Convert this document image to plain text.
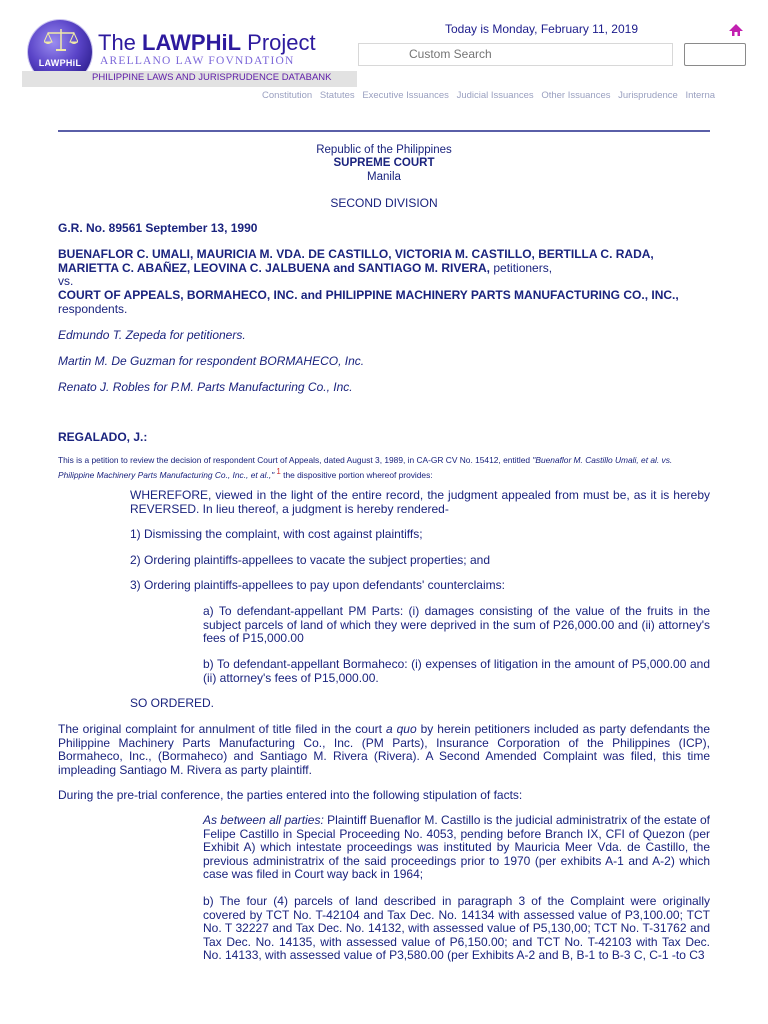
LAWPHiL
The LAWPHiL Project
ARELLANO LAW FOVNDATION
PHILIPPINE LAWS AND JURISPRUDENCE DATABANK
Today is Monday, February 11, 2019
Custom Search
Constitution Statutes Executive Issuances Judicial Issuances Other Issuances Jurisprudence Interna
Republic of the Philippines
SUPREME COURT
Manila
SECOND DIVISION
G.R. No. 89561 September 13, 1990
BUENAFLOR C. UMALI, MAURICIA M. VDA. DE CASTILLO, VICTORIA M. CASTILLO, BERTILLA C. RADA, MARIETTA C. ABAÑEZ, LEOVINA C. JALBUENA and SANTIAGO M. RIVERA, petitioners,
vs.
COURT OF APPEALS, BORMAHECO, INC. and PHILIPPINE MACHINERY PARTS MANUFACTURING CO., INC., respondents.
Edmundo T. Zepeda for petitioners.
Martin M. De Guzman for respondent BORMAHECO, Inc.
Renato J. Robles for P.M. Parts Manufacturing Co., Inc.
REGALADO, J.:
This is a petition to review the decision of respondent Court of Appeals, dated August 3, 1989, in CA-GR CV No. 15412, entitled "Buenaflor M. Castillo Umali, et al. vs. Philippine Machinery Parts Manufacturing Co., Inc., et al.," $^1$ the dispositive portion whereof provides:
WHEREFORE, viewed in the light of the entire record, the judgment appealed from must be, as it is hereby REVERSED. In lieu thereof, a judgment is hereby rendered-
1) Dismissing the complaint, with cost against plaintiffs;
2) Ordering plaintiffs-appellees to vacate the subject properties; and
3) Ordering plaintiffs-appellees to pay upon defendants' counterclaims:
a) To defendant-appellant PM Parts: (i) damages consisting of the value of the fruits in the subject parcels of land of which they were deprived in the sum of P26,000.00 and (ii) attorney's fees of P15,000.00
b) To defendant-appellant Bormaheco: (i) expenses of litigation in the amount of P5,000.00 and (ii) attorney's fees of P15,000.00.
SO ORDERED.
The original complaint for annulment of title filed in the court a quo by herein petitioners included as party defendants the Philippine Machinery Parts Manufacturing Co., Inc. (PM Parts), Insurance Corporation of the Philippines (ICP), Bormaheco, Inc., (Bormaheco) and Santiago M. Rivera (Rivera). A Second Amended Complaint was filed, this time impleading Santiago M. Rivera as party plaintiff.
During the pre-trial conference, the parties entered into the following stipulation of facts:
As between all parties: Plaintiff Buenaflor M. Castillo is the judicial administratrix of the estate of Felipe Castillo in Special Proceeding No. 4053, pending before Branch IX, CFI of Quezon (per Exhibit A) which intestate proceedings was instituted by Mauricia Meer Vda. de Castillo, the previous administratrix of the said proceedings prior to 1970 (per exhibits A-1 and A-2) which case was filed in Court way back in 1964;
b) The four (4) parcels of land described in paragraph 3 of the Complaint were originally covered by TCT No. T-42104 and Tax Dec. No. 14134 with assessed value of P3,100.00; TCT No. T 32227 and Tax Dec. No. 14132, with assessed value of P5,130,00; TCT No. T-31762 and Tax Dec. No. 14135, with assessed value of P6,150.00; and TCT No. T-42103 with Tax Dec. No. 14133, with assessed value of P3,580.00 (per Exhibits A-2 and B, B-1 to B-3 C, C-1 -to C3
